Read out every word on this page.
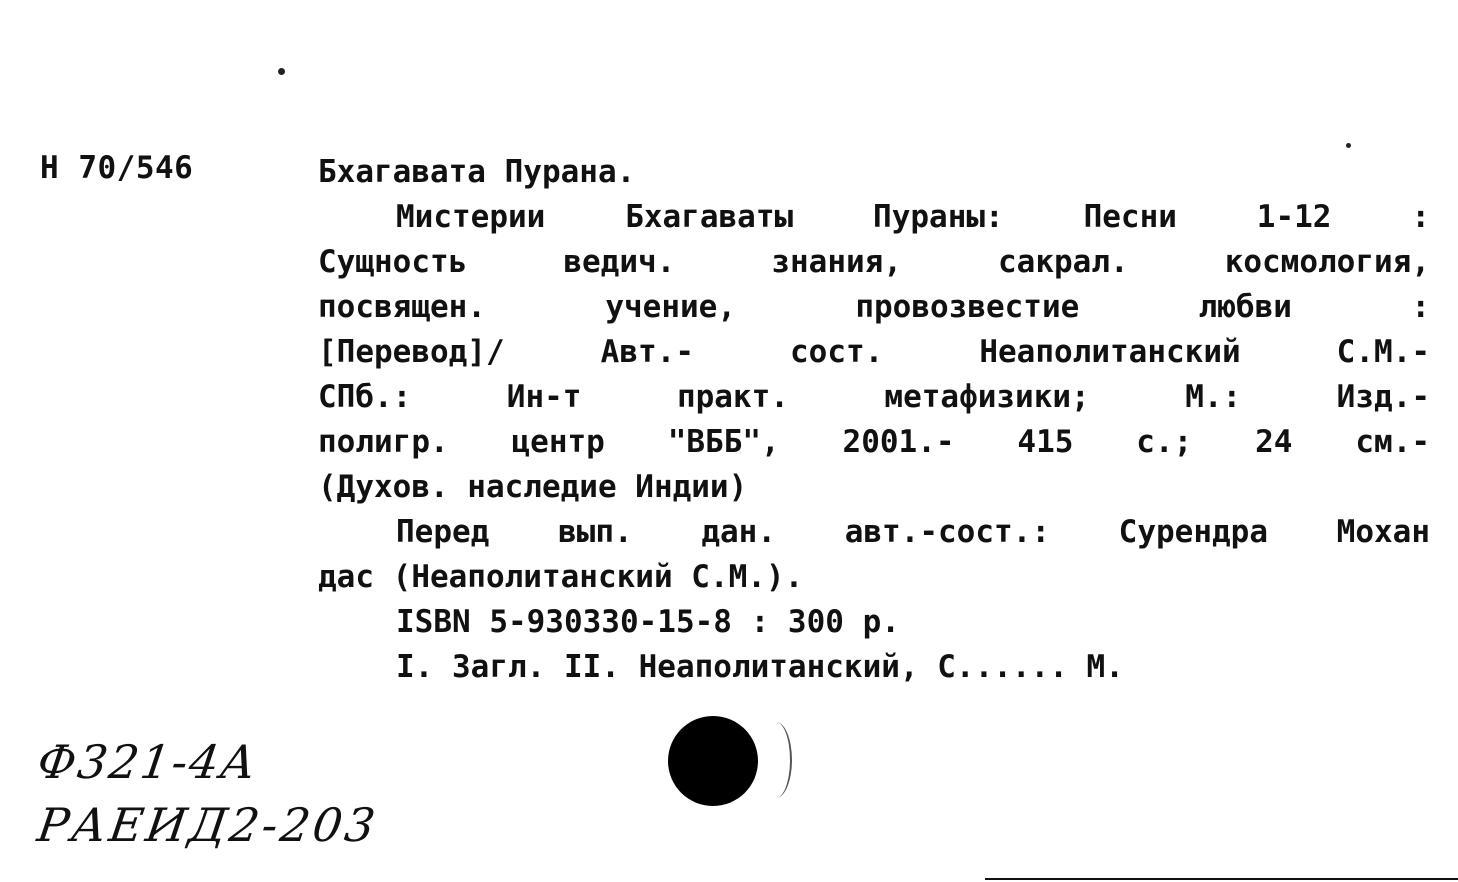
H 70/546	Бхагавата Пурана.
Мистерии Бхагаваты Пураны: Песни 1-12 :
Сущность ведич. знания, сакрал. космология,
посвящен. учение, провозвестие любви :
[Перевод]/ Авт.- сост. Неаполитанский С.М.-
СПб.: Ин-т практ. метафизики; М.: Изд.-
полигр. центр "ВББ", 2001.- 415 с.; 24 см.-
(Духов. наследие Индии)
Перед вып. дан. авт.-сост.: Сурендра Мохан
дас (Неаполитанский С.М.).
ISBN 5-930330-15-8 : 300 р.
I. Загл. II. Неаполитанский, С...... М.
Ф321-4А
РАЕИД2-203
